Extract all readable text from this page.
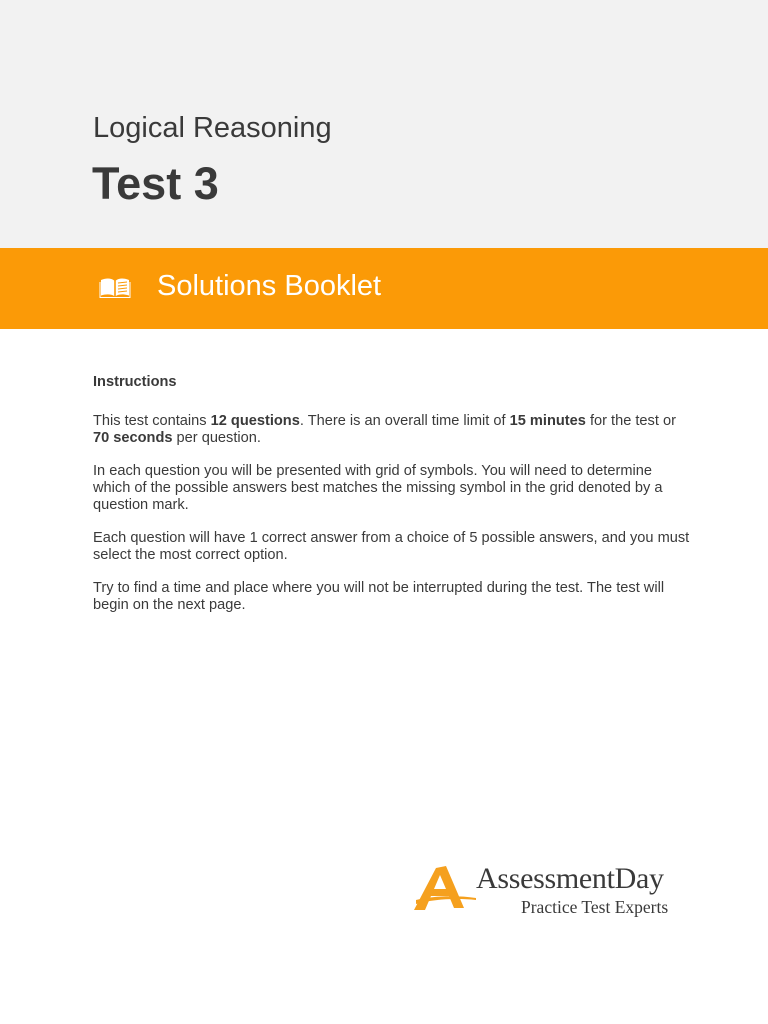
Logical Reasoning
Test 3
Solutions Booklet
Instructions

This test contains 12 questions. There is an overall time limit of 15 minutes for the test or 70 seconds per question.

In each question you will be presented with grid of symbols. You will need to determine which of the possible answers best matches the missing symbol in the grid denoted by a question mark.

Each question will have 1 correct answer from a choice of 5 possible answers, and you must select the most correct option.

Try to find a time and place where you will not be interrupted during the test. The test will begin on the next page.

AssessmentDay
Practice Test Experts
